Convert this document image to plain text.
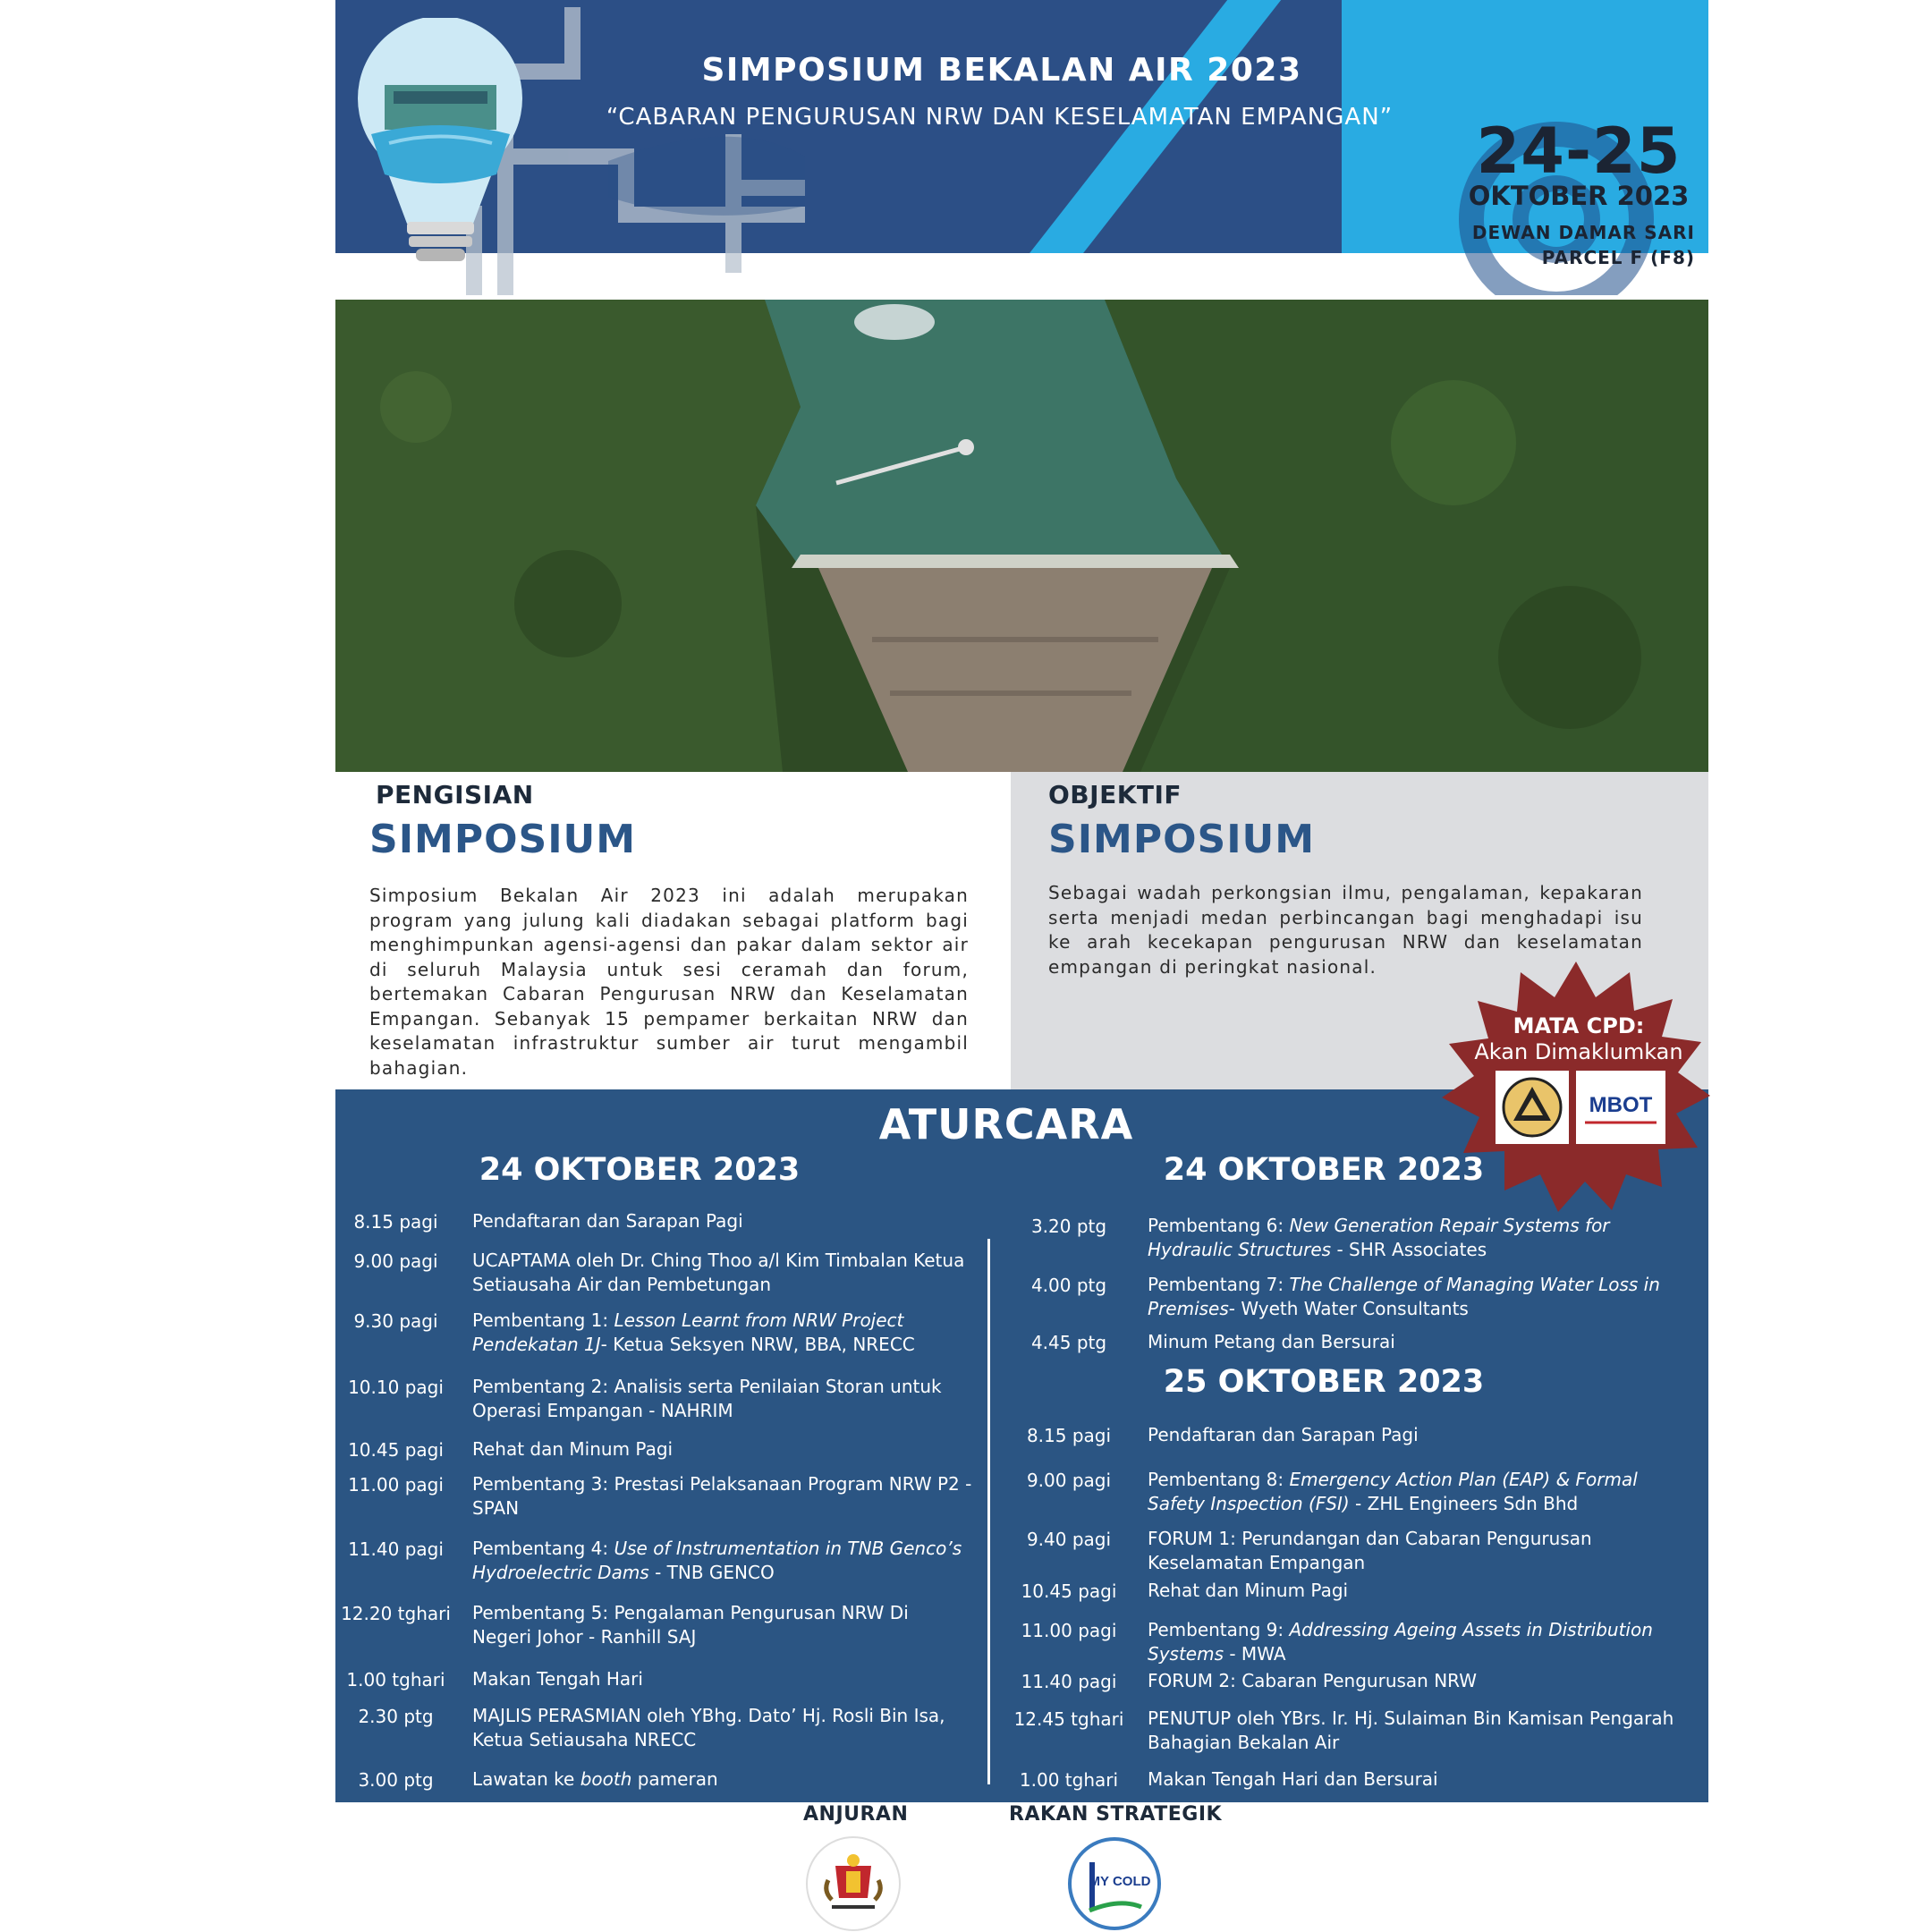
SIMPOSIUM BEKALAN AIR 2023
“CABARAN PENGURUSAN NRW DAN KESELAMATAN EMPANGAN”	24-25
OKTOBER 2023
DEWAN DAMAR SARI
PARCEL F (F8)
PENGISIAN
SIMPOSIUM
Simposium Bekalan Air 2023 ini adalah merupakan program yang julung kali diadakan sebagai platform bagi menghimpunkan agensi-agensi dan pakar dalam sektor air di seluruh Malaysia untuk sesi ceramah dan forum, bertemakan Cabaran Pengurusan NRW dan Keselamatan Empangan. Sebanyak 15 pempamer berkaitan NRW dan keselamatan infrastruktur sumber air turut mengambil bahagian.
OBJEKTIF
SIMPOSIUM
Sebagai wadah perkongsian ilmu, pengalaman, kepakaran serta menjadi medan perbincangan bagi menghadapi isu ke arah kecekapan pengurusan NRW dan keselamatan empangan di peringkat nasional.
ATURCARA
24 OKTOBER 2023	24 OKTOBER 2023
25 OKTOBER 2023
8.15 pagi	Pendaftaran dan Sarapan Pagi
9.00 pagi	UCAPTAMA oleh Dr. Ching Thoo a/l Kim Timbalan Ketua Setiausaha Air dan Pembetungan
9.30 pagi	Pembentang 1: Lesson Learnt from NRW Project Pendekatan 1J- Ketua Seksyen NRW, BBA, NRECC
10.10 pagi	Pembentang 2: Analisis serta Penilaian Storan untuk Operasi Empangan - NAHRIM
10.45 pagi	Rehat dan Minum Pagi
11.00 pagi	Pembentang 3: Prestasi Pelaksanaan Program NRW P2 - SPAN
11.40 pagi	Pembentang 4: Use of Instrumentation in TNB Genco’s Hydroelectric Dams - TNB GENCO
12.20 tghari Pembentang 5: Pengalaman Pengurusan NRW Di Negeri Johor - Ranhill SAJ
1.00 tghari	Makan Tengah Hari
2.30 ptg	MAJLIS PERASMIAN oleh YBhg. Dato’ Hj. Rosli Bin Isa, Ketua Setiausaha NRECC
3.00 ptg	Lawatan ke booth pameran
3.20 ptg	Pembentang 6: New Generation Repair Systems for Hydraulic Structures - SHR Associates
4.00 ptg	Pembentang 7: The Challenge of Managing Water Loss in Premises- Wyeth Water Consultants
4.45 ptg	Minum Petang dan Bersurai
8.15 pagi	Pendaftaran dan Sarapan Pagi
9.00 pagi	Pembentang 8: Emergency Action Plan (EAP) & Formal Safety Inspection (FSI) - ZHL Engineers Sdn Bhd
9.40 pagi	FORUM 1: Perundangan dan Cabaran Pengurusan Keselamatan Empangan
10.45 pagi	Rehat dan Minum Pagi
11.00 pagi	Pembentang 9: Addressing Ageing Assets in Distribution Systems - MWA
11.40 pagi	FORUM 2: Cabaran Pengurusan NRW
12.45 tghari PENUTUP oleh YBrs. Ir. Hj. Sulaiman Bin Kamisan Pengarah Bahagian Bekalan Air
1.00 tghari	Makan Tengah Hari dan Bersurai
MATA CPD:
Akan Dimaklumkan
MBOT
ANJURAN	RAKAN STRATEGIK
MY COLD
